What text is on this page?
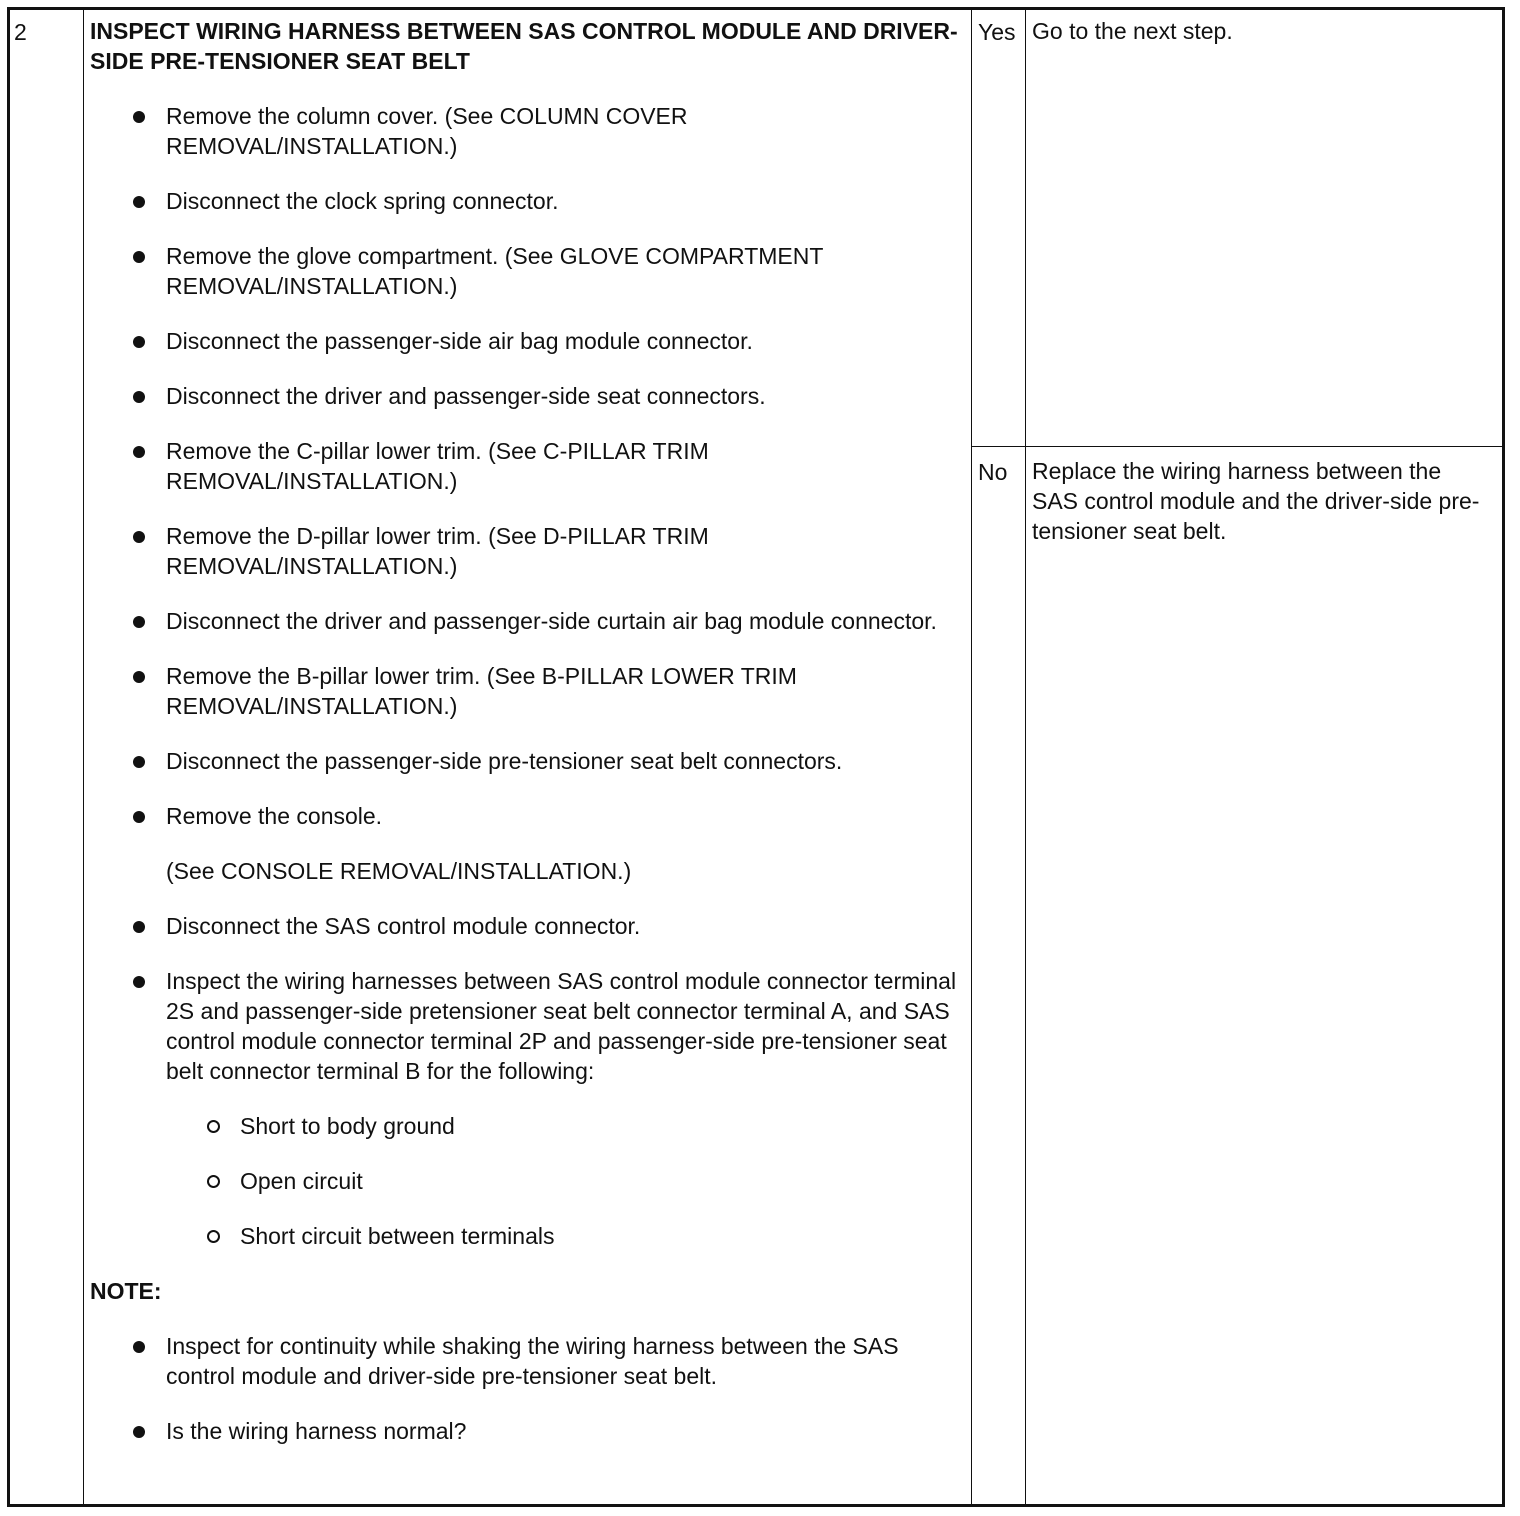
2	INSPECT WIRING HARNESS BETWEEN SAS CONTROL MODULE AND DRIVER-SIDE PRE-TENSIONER SEAT BELT
Remove the column cover. (See COLUMN COVER REMOVAL/INSTALLATION.)
Disconnect the clock spring connector.
Remove the glove compartment. (See GLOVE COMPARTMENT REMOVAL/INSTALLATION.)
Disconnect the passenger-side air bag module connector.
Disconnect the driver and passenger-side seat connectors.
Remove the C-pillar lower trim. (See C-PILLAR TRIM REMOVAL/INSTALLATION.)
Remove the D-pillar lower trim. (See D-PILLAR TRIM REMOVAL/INSTALLATION.)
Disconnect the driver and passenger-side curtain air bag module connector.
Remove the B-pillar lower trim. (See B-PILLAR LOWER TRIM REMOVAL/INSTALLATION.)
Disconnect the passenger-side pre-tensioner seat belt connectors.
Remove the console.
(See CONSOLE REMOVAL/INSTALLATION.)
Disconnect the SAS control module connector.
Inspect the wiring harnesses between SAS control module connector terminal 2S and passenger-side pretensioner seat belt connector terminal A, and SAS control module connector terminal 2P and passenger-side pre-tensioner seat belt connector terminal B for the following:
Short to body ground
Open circuit
Short circuit between terminals
NOTE:
Inspect for continuity while shaking the wiring harness between the SAS control module and driver-side pre-tensioner seat belt.
Is the wiring harness normal?
Yes Go to the next step.
No Replace the wiring harness between the SAS control module and the driver-side pre-tensioner seat belt.
